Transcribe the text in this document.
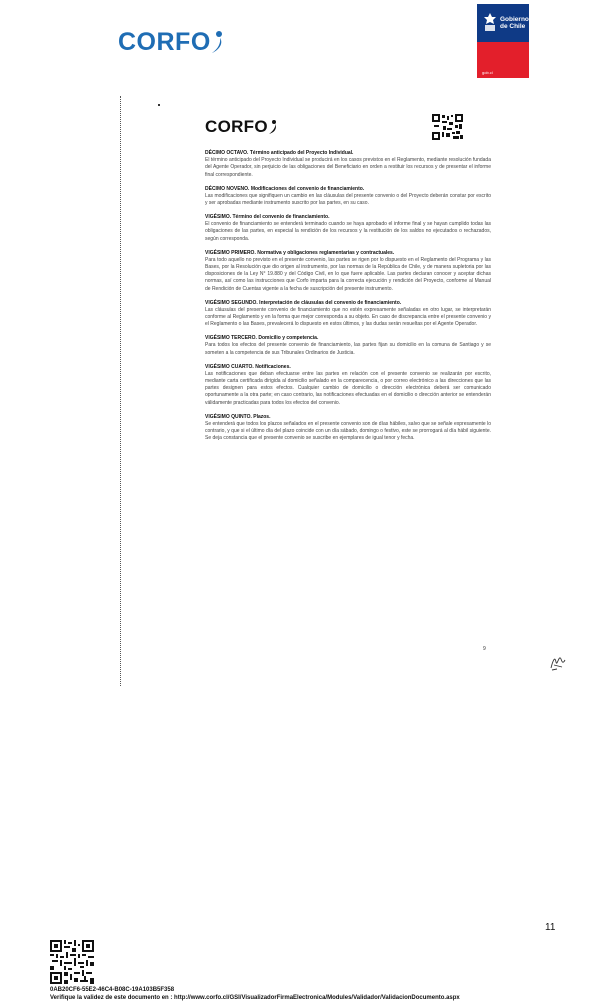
CORFO
Gobierno
de Chile
gob.cl
CORFO
DÉCIMO OCTAVO. Término anticipado del Proyecto Individual.
El término anticipado del Proyecto Individual se producirá en los casos previstos en el Reglamento, mediante resolución fundada del Agente Operador, sin perjuicio de las obligaciones del Beneficiario en orden a restituir los recursos y de presentar el informe final correspondiente.
DÉCIMO NOVENO. Modificaciones del convenio de financiamiento.
Las modificaciones que signifiquen un cambio en las cláusulas del presente convenio o del Proyecto deberán constar por escrito y ser aprobadas mediante instrumento suscrito por las partes, en su caso.
VIGÉSIMO. Término del convenio de financiamiento.
El convenio de financiamiento se entenderá terminado cuando se haya aprobado el informe final y se hayan cumplido todas las obligaciones de las partes, en especial la rendición de los recursos y la restitución de los saldos no ejecutados o rechazados, según corresponda.
VIGÉSIMO PRIMERO. Normativa y obligaciones reglamentarias y contractuales.
Para todo aquello no previsto en el presente convenio, las partes se rigen por lo dispuesto en el Reglamento del Programa y las Bases, por la Resolución que dio origen al instrumento, por las normas de la República de Chile, y de manera supletoria por las disposiciones de la Ley N° 19.880 y del Código Civil, en lo que fuere aplicable. Las partes declaran conocer y aceptar dichas normas, así como las instrucciones que Corfo imparta para la correcta ejecución y rendición del Proyecto, conforme al Manual de Rendición de Cuentas vigente a la fecha de suscripción del presente instrumento.
VIGÉSIMO SEGUNDO. Interpretación de cláusulas del convenio de financiamiento.
Las cláusulas del presente convenio de financiamiento que no estén expresamente señaladas en otro lugar, se interpretarán conforme al Reglamento y en la forma que mejor corresponda a su objeto. En caso de discrepancia entre el presente convenio y el Reglamento o las Bases, prevalecerá lo dispuesto en estos últimos, y las dudas serán resueltas por el Agente Operador.
VIGÉSIMO TERCERO. Domicilio y competencia.
Para todos los efectos del presente convenio de financiamiento, las partes fijan su domicilio en la comuna de Santiago y se someten a la competencia de sus Tribunales Ordinarios de Justicia.
VIGÉSIMO CUARTO. Notificaciones.
Las notificaciones que deban efectuarse entre las partes en relación con el presente convenio se realizarán por escrito, mediante carta certificada dirigida al domicilio señalado en la comparecencia, o por correo electrónico a las direcciones que las partes designen para estos efectos. Cualquier cambio de domicilio o dirección electrónica deberá ser comunicado oportunamente a la otra parte; en caso contrario, las notificaciones efectuadas en el domicilio o dirección anterior se entenderán válidamente practicadas para todos los efectos del convenio.
VIGÉSIMO QUINTO. Plazos.
Se entenderá que todos los plazos señalados en el presente convenio son de días hábiles, salvo que se señale expresamente lo contrario, y que si el último día del plazo coincide con un día sábado, domingo o festivo, este se prorrogará al día hábil siguiente. Se deja constancia que el presente convenio se suscribe en ejemplares de igual tenor y fecha.
9
11
0AB20CF6-55E2-46C4-B08C-19A103B5F358
Verifique la validez de este documento en : http://www.corfo.cl/GSI/VisualizadorFirmaElectronica/Modules/Validador/ValidacionDocumento.aspx
